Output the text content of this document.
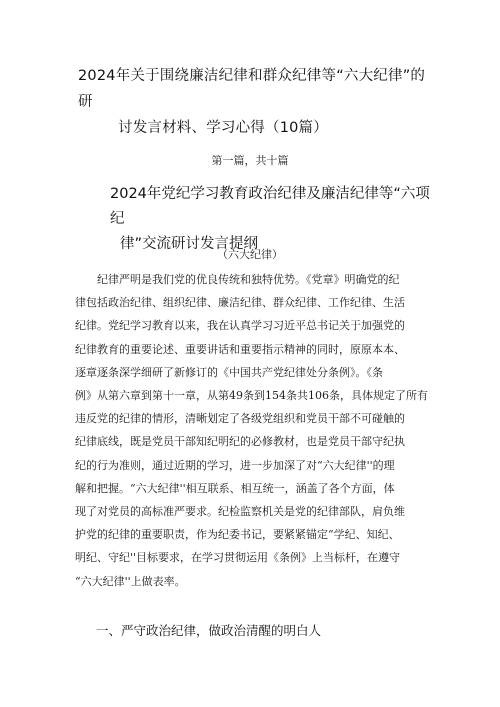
2024年关于围绕廉洁纪律和群众纪律等“六大纪律”的研
讨发言材料、学习心得（10篇）
第一篇，共十篇
2024年党纪学习教育政治纪律及廉洁纪律等“六项纪
律”交流研讨发言提纲
（六大纪律）
纪律严明是我们党的优良传统和独特优势。《党章》明确党的纪
律包括政治纪律、组织纪律、廉洁纪律、群众纪律、工作纪律、生活
纪律。党纪学习教育以来，我在认真学习习近平总书记关于加强党的
纪律教育的重要论述、重要讲话和重要指示精神的同时，原原本本、
逐章逐条深学细研了新修订的《中国共产党纪律处分条例》。《条
例》从第六章到第十一章，从第49条到154条共106条，具体规定了所有
违反党的纪律的情形，清晰划定了各级党组织和党员干部不可碰触的
纪律底线，既是党员干部知纪明纪的必修教材，也是党员干部守纪执
纪的行为准则，通过近期的学习，进一步加深了对“六大纪律''的理
解和把握。“六大纪律''相互联系、相互统一，涵盖了各个方面，体
现了对党员的高标准严要求。纪检监察机关是党的纪律部队，肩负维
护党的纪律的重要职责，作为纪委书记，要紧紧锚定“学纪、知纪、
明纪、守纪''目标要求，在学习贯彻运用《条例》上当标杆，在遵守
“六大纪律''上做表率。
一、严守政治纪律，做政治清醒的明白人
